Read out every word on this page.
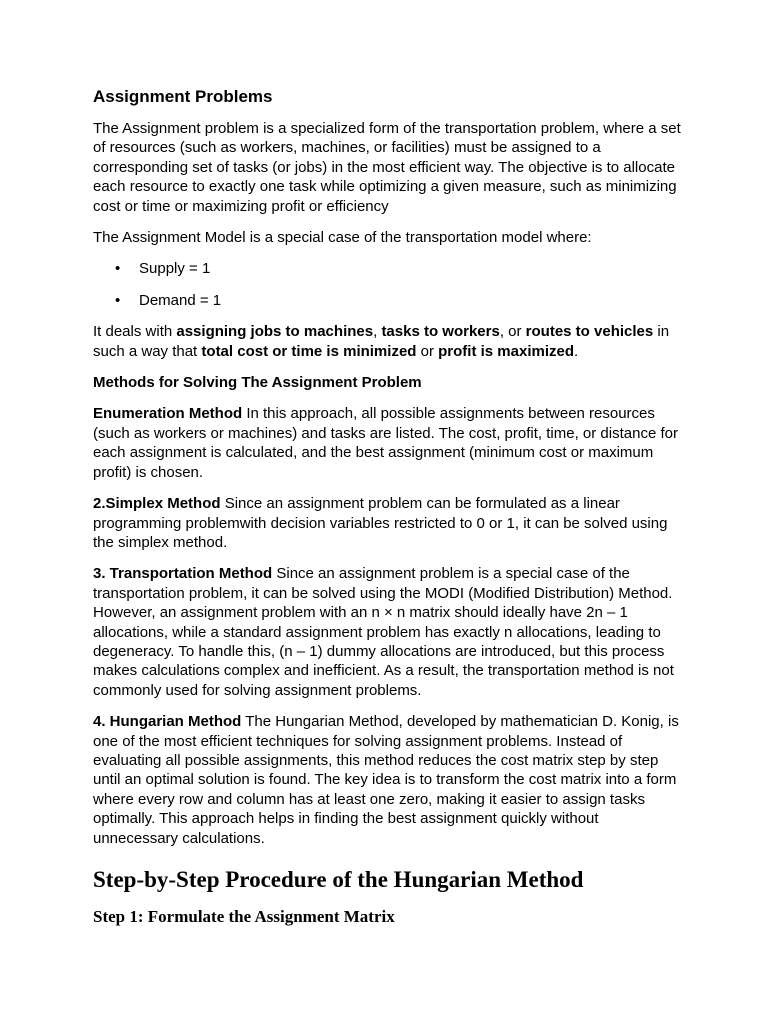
Assignment Problems

The Assignment problem is a specialized form of the transportation problem, where a set of resources (such as workers, machines, or facilities) must be assigned to a corresponding set of tasks (or jobs) in the most efficient way. The objective is to allocate each resource to exactly one task while optimizing a given measure, such as minimizing cost or time or maximizing profit or efficiency

The Assignment Model is a special case of the transportation model where:

• Supply = 1
• Demand = 1

It deals with assigning jobs to machines, tasks to workers, or routes to vehicles in such a way that total cost or time is minimized or profit is maximized.

Methods for Solving The Assignment Problem

Enumeration Method In this approach, all possible assignments between resources (such as workers or machines) and tasks are listed. The cost, profit, time, or distance for each assignment is calculated, and the best assignment (minimum cost or maximum profit) is chosen.

2.Simplex Method Since an assignment problem can be formulated as a linear programming problemwith decision variables restricted to 0 or 1, it can be solved using the simplex method.

3. Transportation Method Since an assignment problem is a special case of the transportation problem, it can be solved using the MODI (Modified Distribution) Method. However, an assignment problem with an n × n matrix should ideally have 2n – 1 allocations, while a standard assignment problem has exactly n allocations, leading to degeneracy. To handle this, (n – 1) dummy allocations are introduced, but this process makes calculations complex and inefficient. As a result, the transportation method is not commonly used for solving assignment problems.

4. Hungarian Method The Hungarian Method, developed by mathematician D. Konig, is one of the most efficient techniques for solving assignment problems. Instead of evaluating all possible assignments, this method reduces the cost matrix step by step until an optimal solution is found. The key idea is to transform the cost matrix into a form where every row and column has at least one zero, making it easier to assign tasks optimally. This approach helps in finding the best assignment quickly without unnecessary calculations.

Step-by-Step Procedure of the Hungarian Method
Step 1: Formulate the Assignment Matrix
